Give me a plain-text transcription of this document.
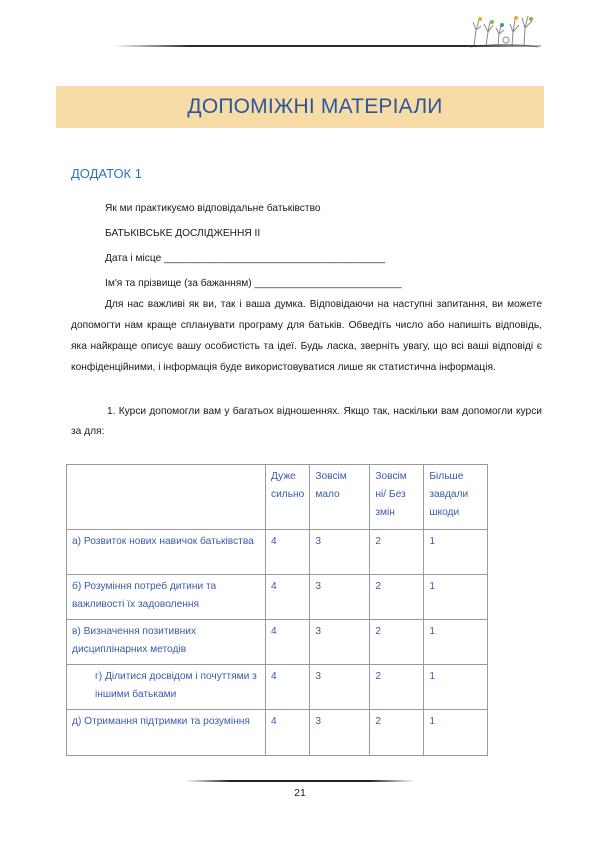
ДОПОМІЖНІ МАТЕРІАЛИ
ДОДАТОК 1
Як ми практикуємо відповідальне батьківство
БАТЬКІВСЬКЕ ДОСЛІДЖЕННЯ II
Дата і місце _______________________________________
Ім'я та прізвище (за бажанням) __________________________

Для нас важливі як ви, так і ваша думка. Відповідаючи на наступні запитання, ви можете допомогти нам краще спланувати програму для батьків. Обведіть число або напишіть відповідь, яка найкраще описує вашу особистість та ідеї. Будь ласка, зверніть увагу, що всі ваші відповіді є конфіденційними, і інформація буде використовуватися лише як статистична інформація.

1. Курси допомогли вам у багатьох відношеннях. Якщо так, наскільки вам допомогли курси за для:

	Дуже сильно	Зовсім мало	Зовсім ні/ Без змін	Більше завдали шкоди
а) Розвиток нових навичок батьківства	4	3	2	1
б) Розуміння потреб дитини та важливості їх задоволення	4	3	2	1
в) Визначення позитивних дисциплінарних методів	4	3	2	1
г) Ділитися досвідом і почуттями з іншими батьками	4	3	2	1
д) Отримання підтримки та розуміння	4	3	2	1
21
